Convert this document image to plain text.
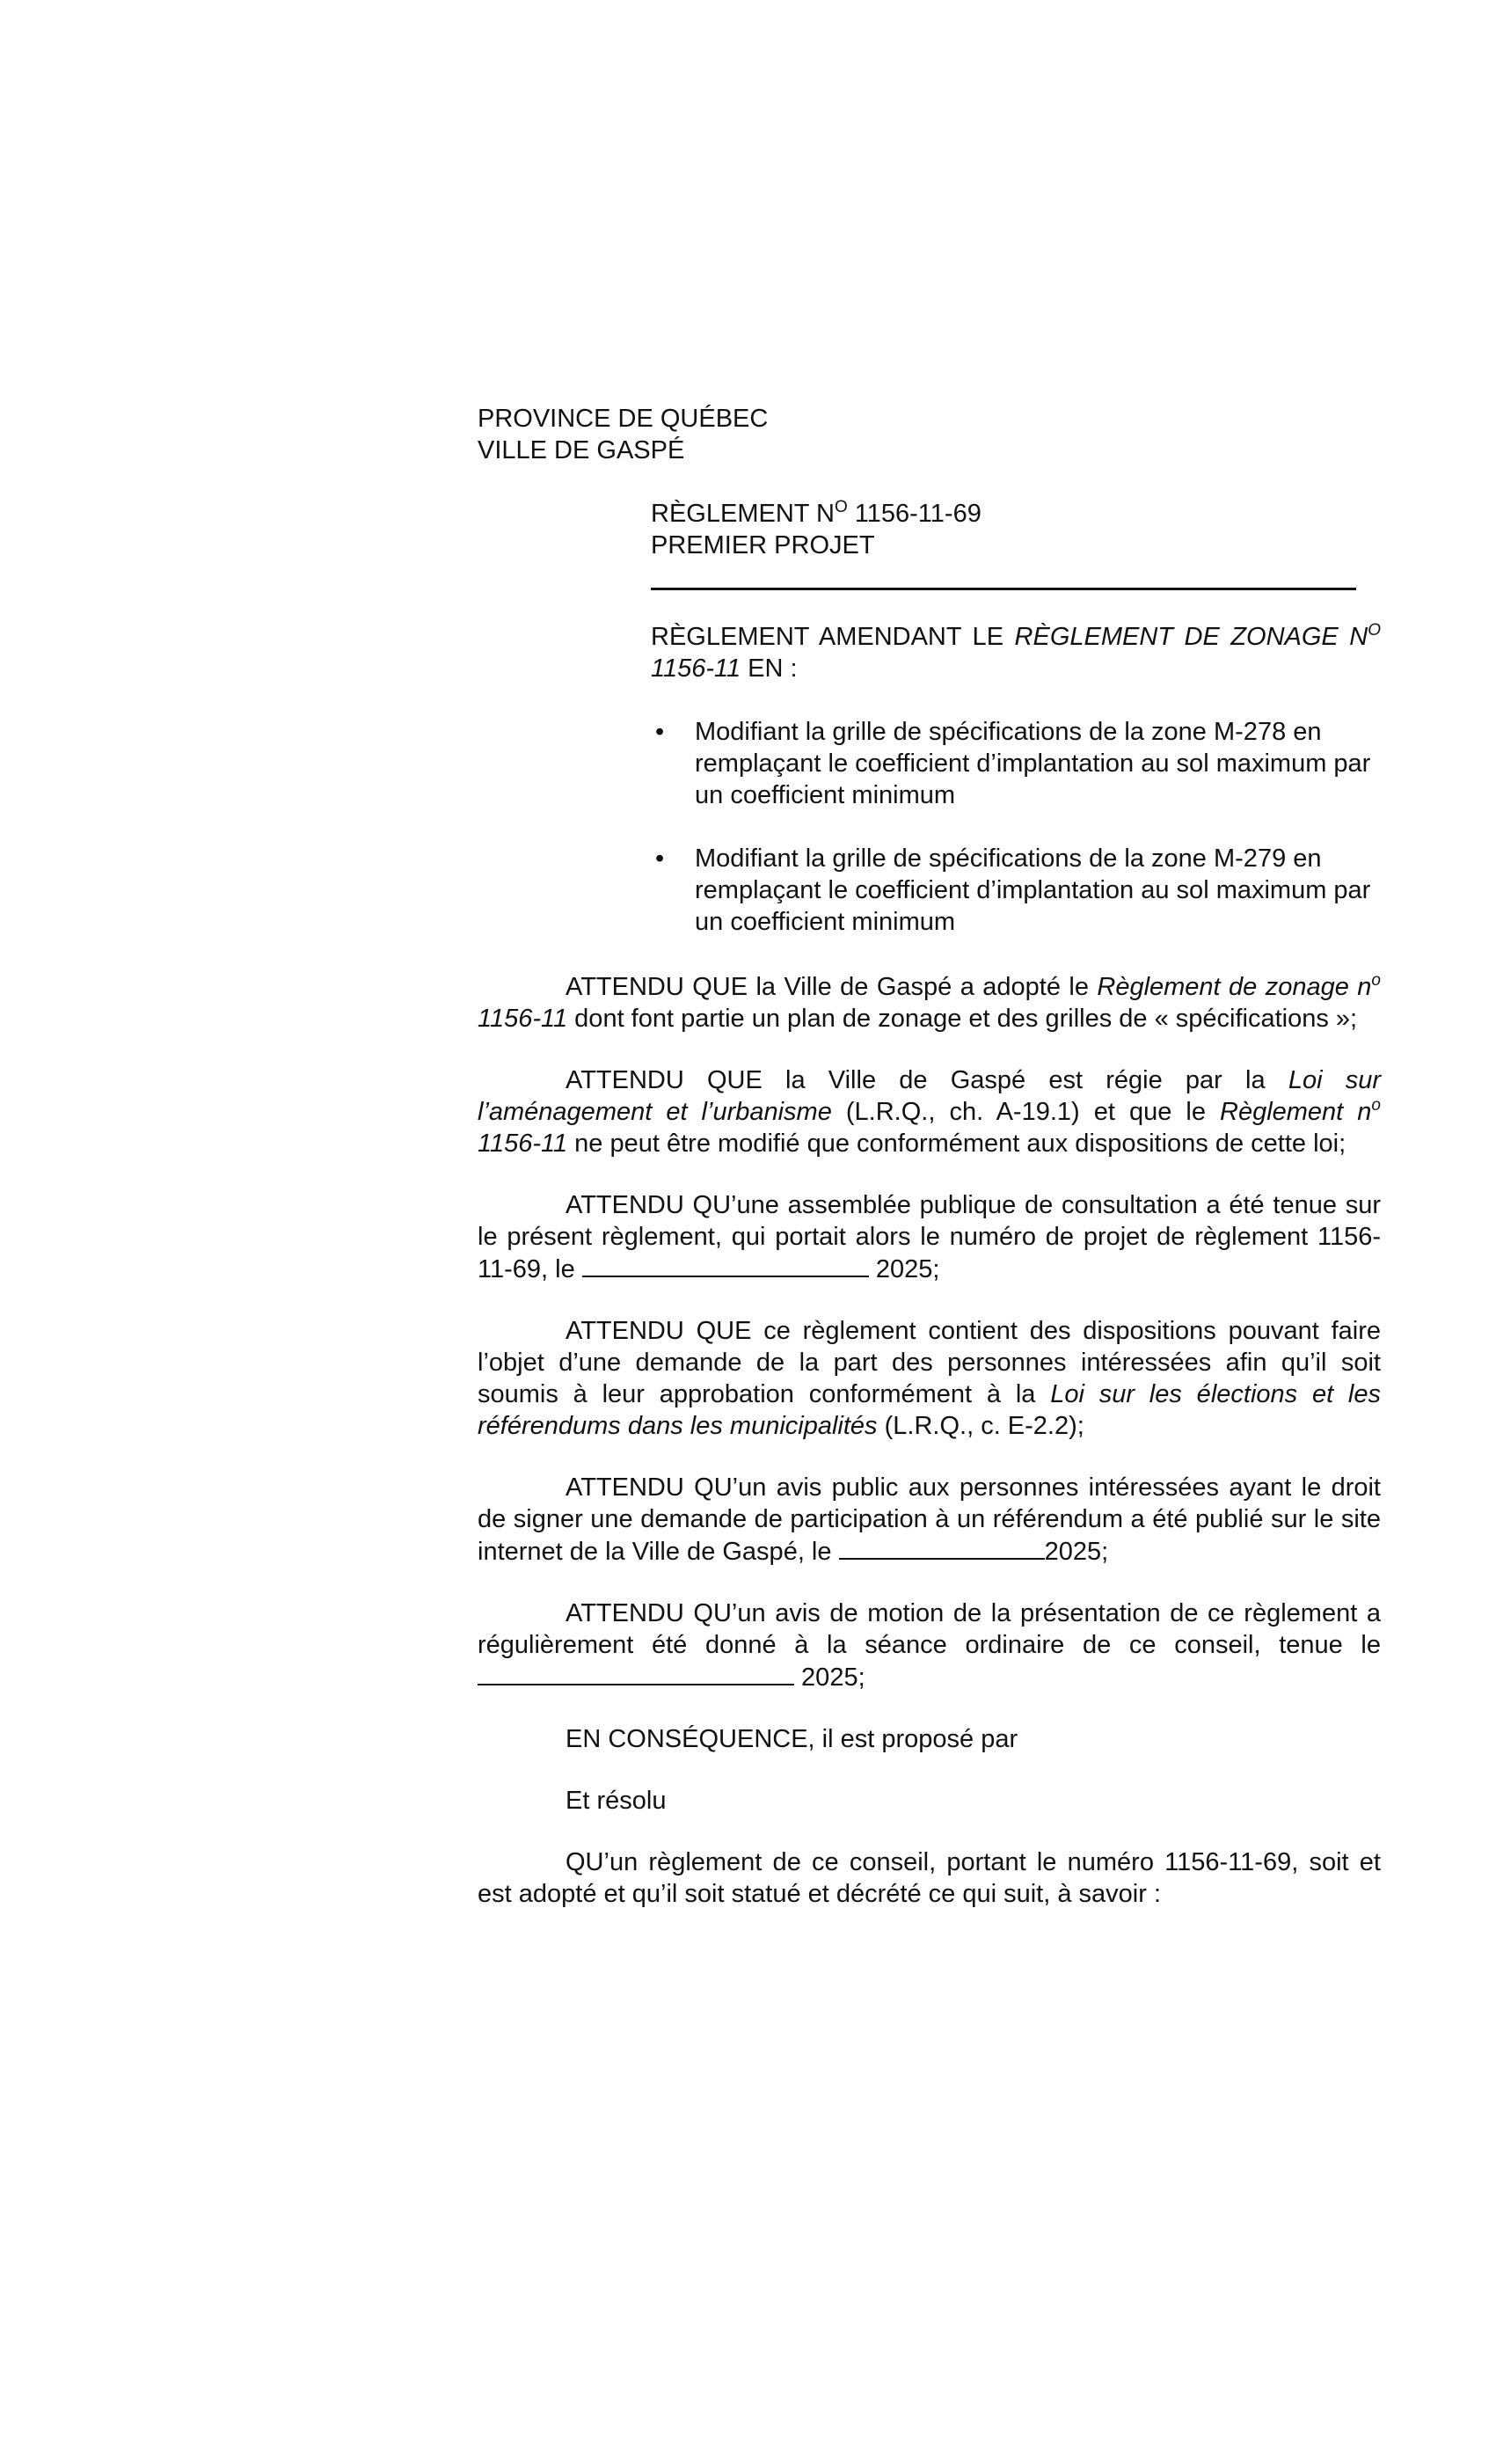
PROVINCE DE QUÉBEC
VILLE DE GASPÉ
RÈGLEMENT $N^O$ 1156-11-69
PREMIER PROJET
RÈGLEMENT AMENDANT LE RÈGLEMENT DE ZONAGE $N^O$ 1156-11 EN :
• Modifiant la grille de spécifications de la zone M-278 en remplaçant le coefficient d’implantation au sol maximum par un coefficient minimum
• Modifiant la grille de spécifications de la zone M-279 en remplaçant le coefficient d’implantation au sol maximum par un coefficient minimum

ATTENDU QUE la Ville de Gaspé a adopté le Règlement de zonage $n^o$ 1156-11 dont font partie un plan de zonage et des grilles de « spécifications »;

ATTENDU QUE la Ville de Gaspé est régie par la Loi sur l’aménagement et l’urbanisme (L.R.Q., ch. A-19.1) et que le Règlement $n^o$ 1156-11 ne peut être modifié que conformément aux dispositions de cette loi;

ATTENDU QU’une assemblée publique de consultation a été tenue sur le présent règlement, qui portait alors le numéro de projet de règlement 1156-11-69, le	2025;

ATTENDU QUE ce règlement contient des dispositions pouvant faire l’objet d’une demande de la part des personnes intéressées afin qu’il soit soumis à leur approbation conformément à la Loi sur les élections et les référendums dans les municipalités (L.R.Q., c. E-2.2);

ATTENDU QU’un avis public aux personnes intéressées ayant le droit de signer une demande de participation à un référendum a été publié sur le site internet de la Ville de Gaspé, le	2025;

ATTENDU QU’un avis de motion de la présentation de ce règlement a régulièrement été donné à la séance ordinaire de ce conseil, tenue le  2025;

EN CONSÉQUENCE, il est proposé par

Et résolu

QU’un règlement de ce conseil, portant le numéro 1156-11-69, soit et est adopté et qu’il soit statué et décrété ce qui suit, à savoir :
